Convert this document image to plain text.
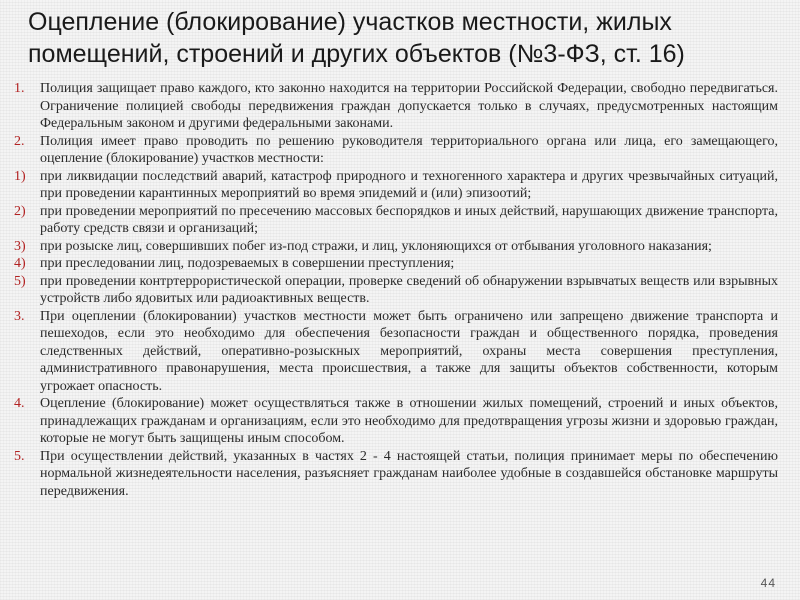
Оцепление (блокирование) участков местности, жилых помещений, строений и других объектов (№3-ФЗ, ст. 16)
1.	Полиция защищает право каждого, кто законно находится на территории Российской Федерации, свободно передвигаться. Ограничение полицией свободы передвижения граждан допускается только в случаях, предусмотренных настоящим Федеральным законом и другими федеральными законами.
2.	Полиция имеет право проводить по решению руководителя территориального органа или лица, его замещающего, оцепление (блокирование) участков местности:
1)	при ликвидации последствий аварий, катастроф природного и техногенного характера и других чрезвычайных ситуаций, при проведении карантинных мероприятий во время эпидемий и (или) эпизоотий;
2)	при проведении мероприятий по пресечению массовых беспорядков и иных действий, нарушающих движение транспорта, работу средств связи и организаций;
3)	при розыске лиц, совершивших побег из-под стражи, и лиц, уклоняющихся от отбывания уголовного наказания;
4)	при преследовании лиц, подозреваемых в совершении преступления;
5)	при проведении контртеррористической операции, проверке сведений об обнаружении взрывчатых веществ или взрывных устройств либо ядовитых или радиоактивных веществ.
3.	При оцеплении (блокировании) участков местности может быть ограничено или запрещено движение транспорта и пешеходов, если это необходимо для обеспечения безопасности граждан и общественного порядка, проведения следственных действий, оперативно-розыскных мероприятий, охраны места совершения преступления, административного правонарушения, места происшествия, а также для защиты объектов собственности, которым угрожает опасность.
4.	Оцепление (блокирование) может осуществляться также в отношении жилых помещений, строений и иных объектов, принадлежащих гражданам и организациям, если это необходимо для предотвращения угрозы жизни и здоровью граждан, которые не могут быть защищены иным способом.
5.	При осуществлении действий, указанных в частях 2 - 4 настоящей статьи, полиция принимает меры по обеспечению нормальной жизнедеятельности населения, разъясняет гражданам наиболее удобные в создавшейся обстановке маршруты передвижения.
44
